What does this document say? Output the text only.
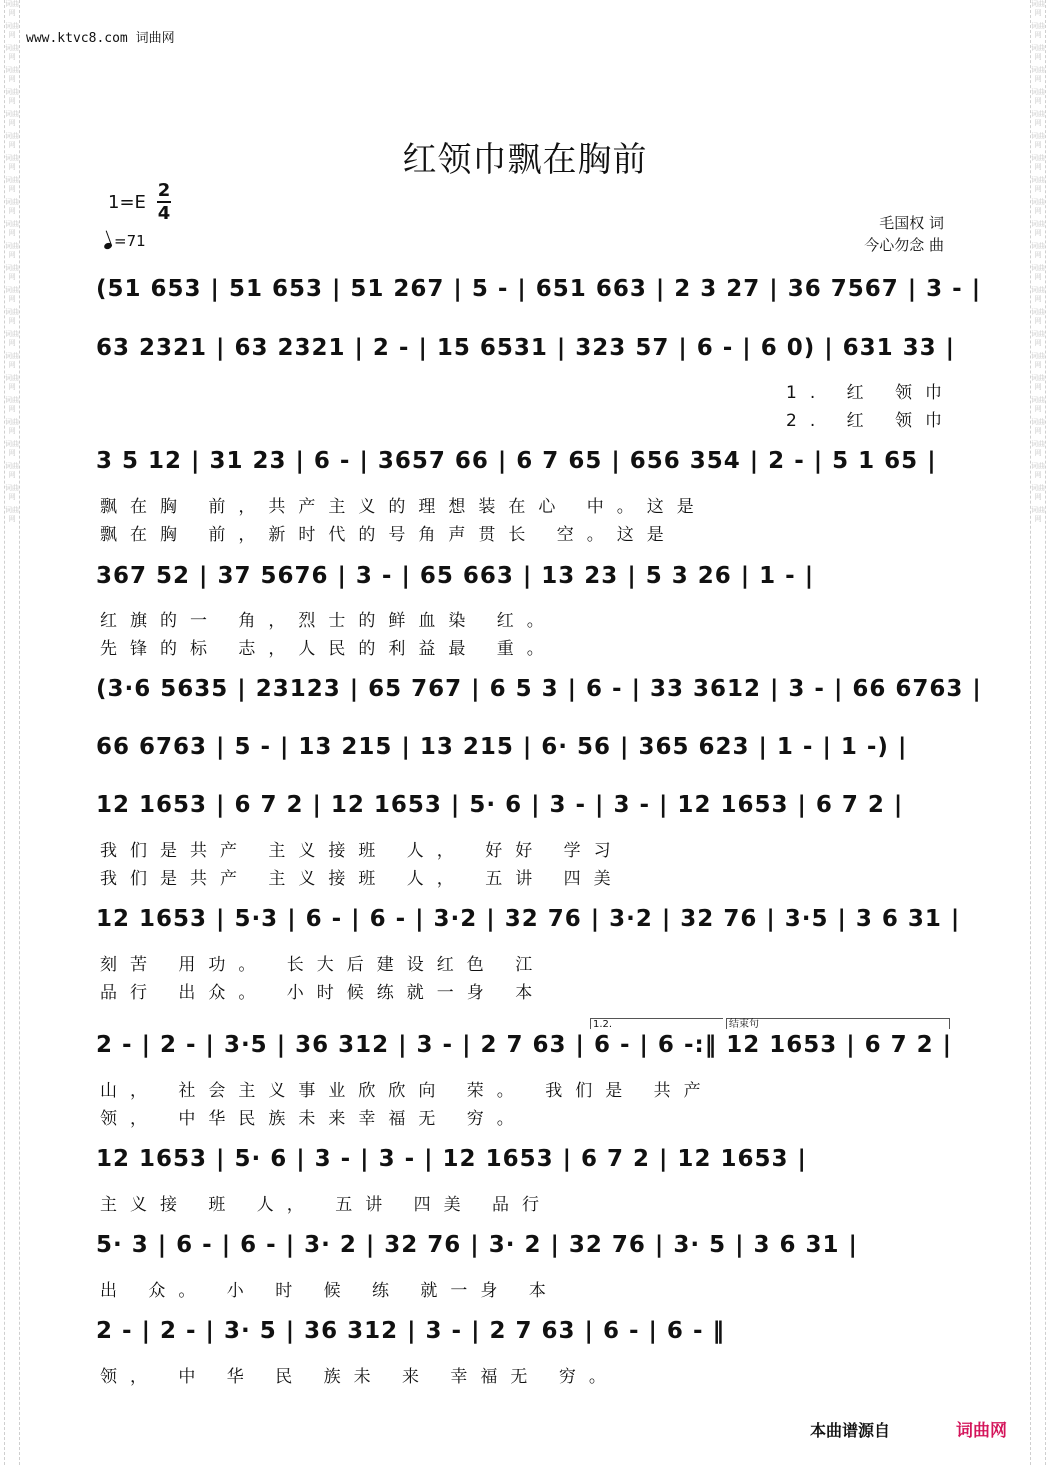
词曲网
词曲网
词曲网
词曲网
词曲网
词曲网
词曲网
词曲网
词曲网
词曲网
词曲网
词曲网
词曲网
词曲网
词曲网
词曲网
词曲网
词曲网
词曲网
词曲网
词曲网
词曲网
词曲网
词曲网
词曲网
词曲网
词曲网
词曲网
词曲网
词曲网
词曲网
词曲网
词曲网
词曲网
词曲网
词曲网
词曲网
词曲网
词曲网
词曲网
词曲网
词曲网
词曲网
词曲网
词曲网
词曲网
词曲网
词曲网
www.ktvc8.com 词曲网
红领巾飘在胸前
1=E
2
4
=71
毛国权 词
今心勿念 曲
(51 653 | 51 653 | 51 267 | 5 - | 651 663 | 2 3 27 | 36 7567 | 3 - |
63 2321 | 63 2321 | 2 - | 15 6531 | 323 57 | 6 - | 6 0) | 631 33 |
3 5 12 | 31 23 | 6 - | 3657 66 | 6 7 65 | 656 354 | 2 - | 5 1 65 |
367 52 | 37 5676 | 3 - | 65 663 | 13 23 | 5 3 26 | 1 - |
(3·6 5635 | 23123 | 65 767 | 6 5 3 | 6 - | 33 3612 | 3 - | 66 6763 |
66 6763 | 5 - | 13 215 | 13 215 | 6· 56 | 365 623 | 1 - | 1 -) |
12 1653 | 6 7 2 | 12 1653 | 5· 6 | 3 - | 3 - | 12 1653 | 6 7 2 |
12 1653 | 5·3 | 6 - | 6 - | 3·2 | 32 76 | 3·2 | 32 76 | 3·5 | 3 6 31 |
2 - | 2 - | 3·5 | 36 312 | 3 - | 2 7 63 | 6 - | 6 -:‖ 12 1653 | 6 7 2 |
12 1653 | 5· 6 | 3 - | 3 - | 12 1653 | 6 7 2 | 12 1653 |
5· 3 | 6 - | 6 - | 3· 2 | 32 76 | 3· 2 | 32 76 | 3· 5 | 3 6 31 |
2 - | 2 - | 3· 5 | 36 312 | 3 - | 2 7 63 | 6 - | 6 - ‖
1. 红 领巾
2. 红 领巾
飘在胸 前，共产主义的理想装在心 中。这是
飘在胸 前，新时代的号角声贯长 空。这是
红旗的一 角，烈士的鲜血染 红。
先锋的标 志，人民的利益最 重。
我们是共产 主义接班 人， 好好 学习
我们是共产 主义接班 人， 五讲 四美
刻苦 用功。 长大后建设红色 江
品行 出众。 小时候练就一身 本
山， 社会主义事业欣欣向 荣。 我们是 共产
领， 中华民族未来幸福无 穷。
主义接 班 人， 五讲 四美 品行
出 众。 小 时 候 练 就一身 本
领， 中 华 民 族未 来 幸福无 穷。
1.2.	结束句
本曲谱源自	词曲网
